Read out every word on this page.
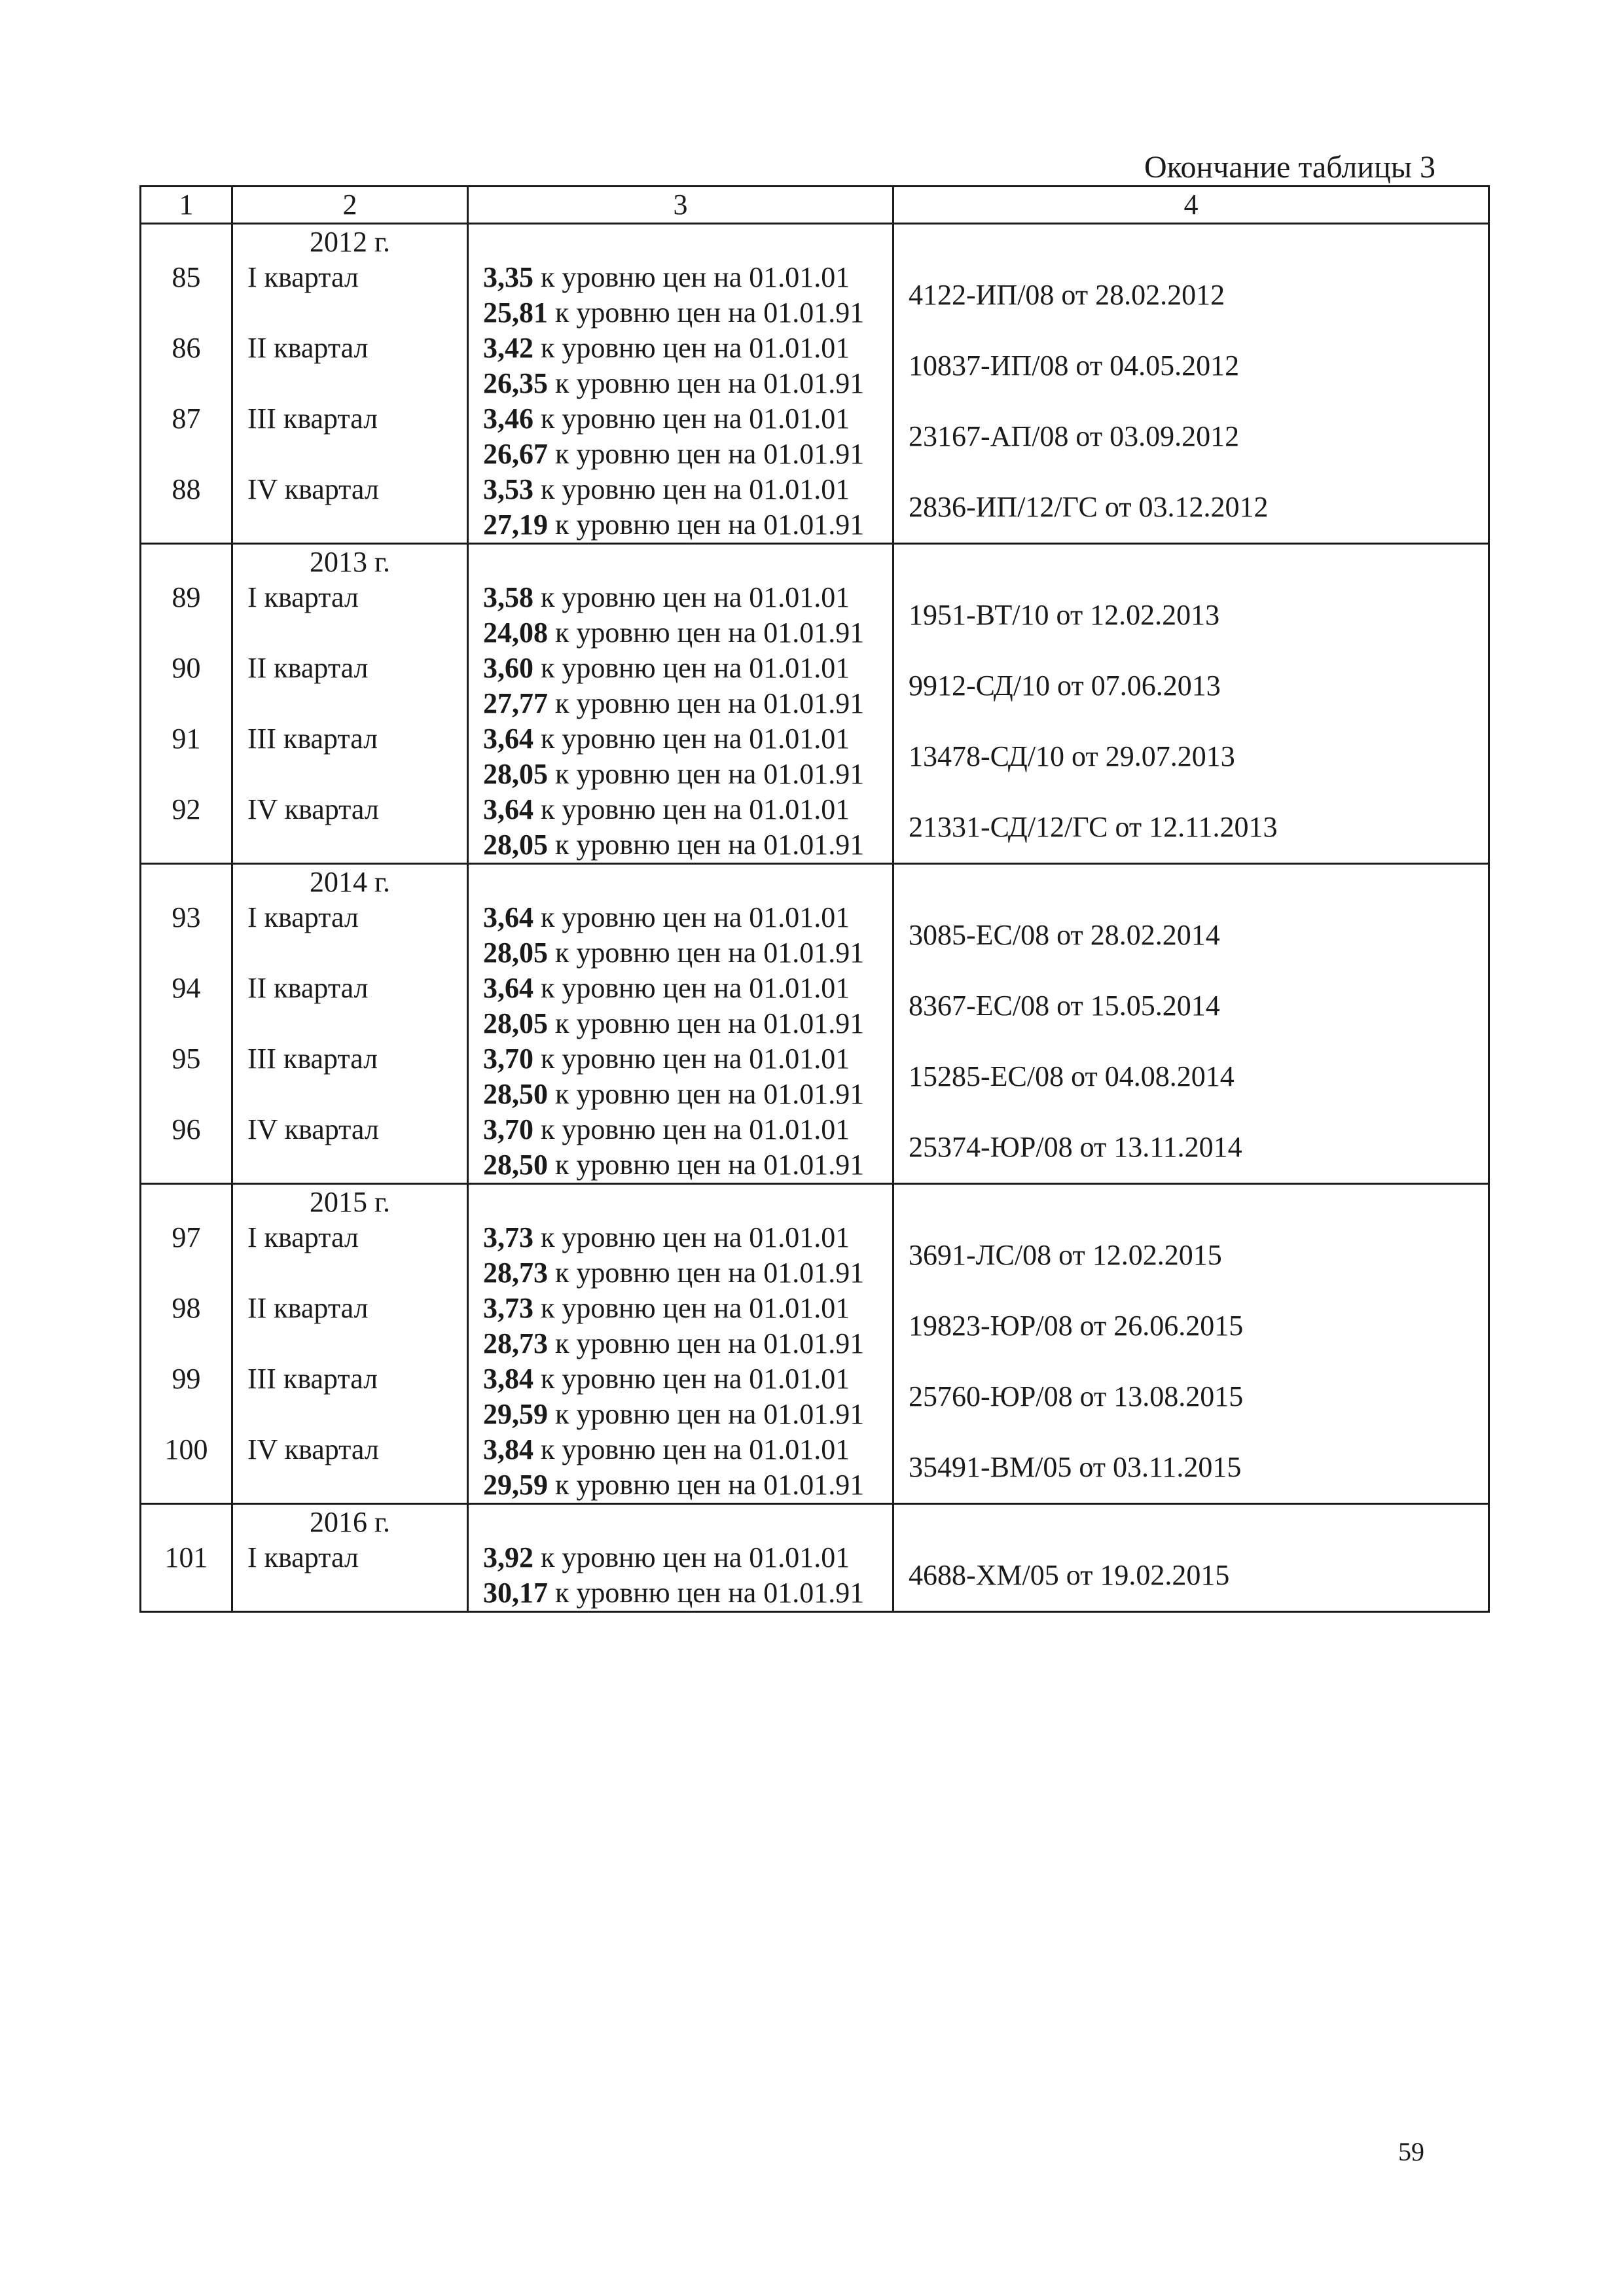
Окончание таблицы 3
1	2	3	4
	2012 г.		
85	I квартал	3,35 к уровню цен на 01.01.01
25,81 к уровню цен на 01.01.91	4122-ИП/08 от 28.02.2012
86	II квартал	3,42 к уровню цен на 01.01.01
26,35 к уровню цен на 01.01.91	10837-ИП/08 от 04.05.2012
87	III квартал	3,46 к уровню цен на 01.01.01
26,67 к уровню цен на 01.01.91	23167-АП/08 от 03.09.2012
88	IV квартал	3,53 к уровню цен на 01.01.01
27,19 к уровню цен на 01.01.91	2836-ИП/12/ГС от 03.12.2012
	2013 г.		
89	I квартал	3,58 к уровню цен на 01.01.01
24,08 к уровню цен на 01.01.91	1951-ВТ/10 от 12.02.2013
90	II квартал	3,60 к уровню цен на 01.01.01
27,77 к уровню цен на 01.01.91	9912-СД/10 от 07.06.2013
91	III квартал	3,64 к уровню цен на 01.01.01
28,05 к уровню цен на 01.01.91	13478-СД/10 от 29.07.2013
92	IV квартал	3,64 к уровню цен на 01.01.01
28,05 к уровню цен на 01.01.91	21331-СД/12/ГС от 12.11.2013
	2014 г.		
93	I квартал	3,64 к уровню цен на 01.01.01
28,05 к уровню цен на 01.01.91	3085-ЕС/08 от 28.02.2014
94	II квартал	3,64 к уровню цен на 01.01.01
28,05 к уровню цен на 01.01.91	8367-ЕС/08 от 15.05.2014
95	III квартал	3,70 к уровню цен на 01.01.01
28,50 к уровню цен на 01.01.91	15285-ЕС/08 от 04.08.2014
96	IV квартал	3,70 к уровню цен на 01.01.01
28,50 к уровню цен на 01.01.91	25374-ЮР/08 от 13.11.2014
	2015 г.		
97	I квартал	3,73 к уровню цен на 01.01.01
28,73 к уровню цен на 01.01.91	3691-ЛС/08 от 12.02.2015
98	II квартал	3,73 к уровню цен на 01.01.01
28,73 к уровню цен на 01.01.91	19823-ЮР/08 от 26.06.2015
99	III квартал	3,84 к уровню цен на 01.01.01
29,59 к уровню цен на 01.01.91	25760-ЮР/08 от 13.08.2015
100	IV квартал	3,84 к уровню цен на 01.01.01
29,59 к уровню цен на 01.01.91	35491-ВМ/05 от 03.11.2015
	2016 г.		
101	I квартал	3,92 к уровню цен на 01.01.01
30,17 к уровню цен на 01.01.91	4688-ХМ/05 от 19.02.2015
59
